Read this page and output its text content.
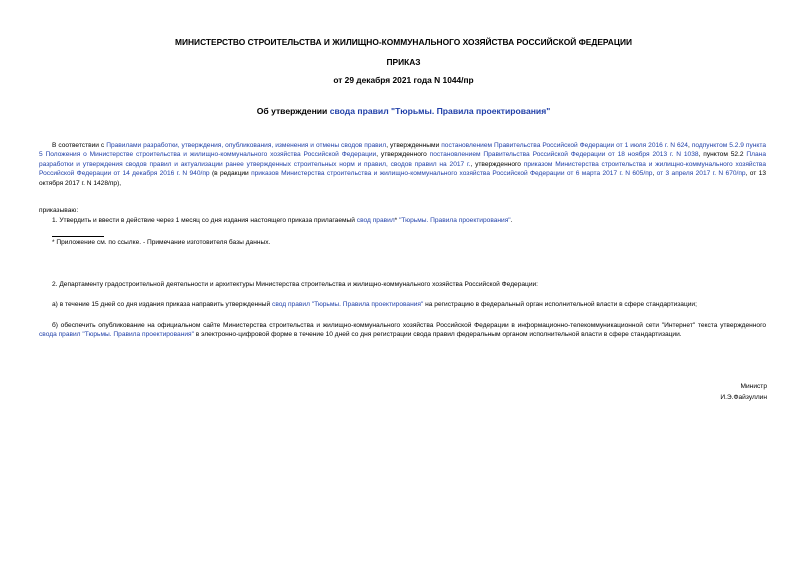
МИНИСТЕРСТВО СТРОИТЕЛЬСТВА И ЖИЛИЩНО-КОММУНАЛЬНОГО ХОЗЯЙСТВА РОССИЙСКОЙ ФЕДЕРАЦИИ
ПРИКАЗ
от 29 декабря 2021 года N 1044/пр
Об утверждении свода правил "Тюрьмы. Правила проектирования"
В соответствии с Правилами разработки, утверждения, опубликования, изменения и отмены сводов правил, утвержденными постановлением Правительства Российской Федерации от 1 июля 2016 г. N 624, подпунктом 5.2.9 пункта 5 Положения о Министерстве строительства и жилищно-коммунального хозяйства Российской Федерации, утвержденного постановлением Правительства Российской Федерации от 18 ноября 2013 г. N 1038, пунктом 52.2 Плана разработки и утверждения сводов правил и актуализации ранее утвержденных строительных норм и правил, сводов правил на 2017 г., утвержденного приказом Министерства строительства и жилищно-коммунального хозяйства Российской Федерации от 14 декабря 2016 г. N 940/пр (в редакции приказов Министерства строительства и жилищно-коммунального хозяйства Российской Федерации от 6 марта 2017 г. N 605/пр, от 3 апреля 2017 г. N 670/пр, от 13 октября 2017 г. N 1428/пр),
приказываю:
1. Утвердить и ввести в действие через 1 месяц со дня издания настоящего приказа прилагаемый свод правил* "Тюрьмы. Правила проектирования".
* Приложение см. по ссылке. - Примечание изготовителя базы данных.
2. Департаменту градостроительной деятельности и архитектуры Министерства строительства и жилищно-коммунального хозяйства Российской Федерации:
а) в течение 15 дней со дня издания приказа направить утвержденный свод правил "Тюрьмы. Правила проектирования" на регистрацию в федеральный орган исполнительной власти в сфере стандартизации;
б) обеспечить опубликование на официальном сайте Министерства строительства и жилищно-коммунального хозяйства Российской Федерации в информационно-телекоммуникационной сети "Интернет" текста утвержденного свода правил "Тюрьмы. Правила проектирования" в электронно-цифровой форме в течение 10 дней со дня регистрации свода правил федеральным органом исполнительной власти в сфере стандартизации.
Министр
И.Э.Файзуллин
